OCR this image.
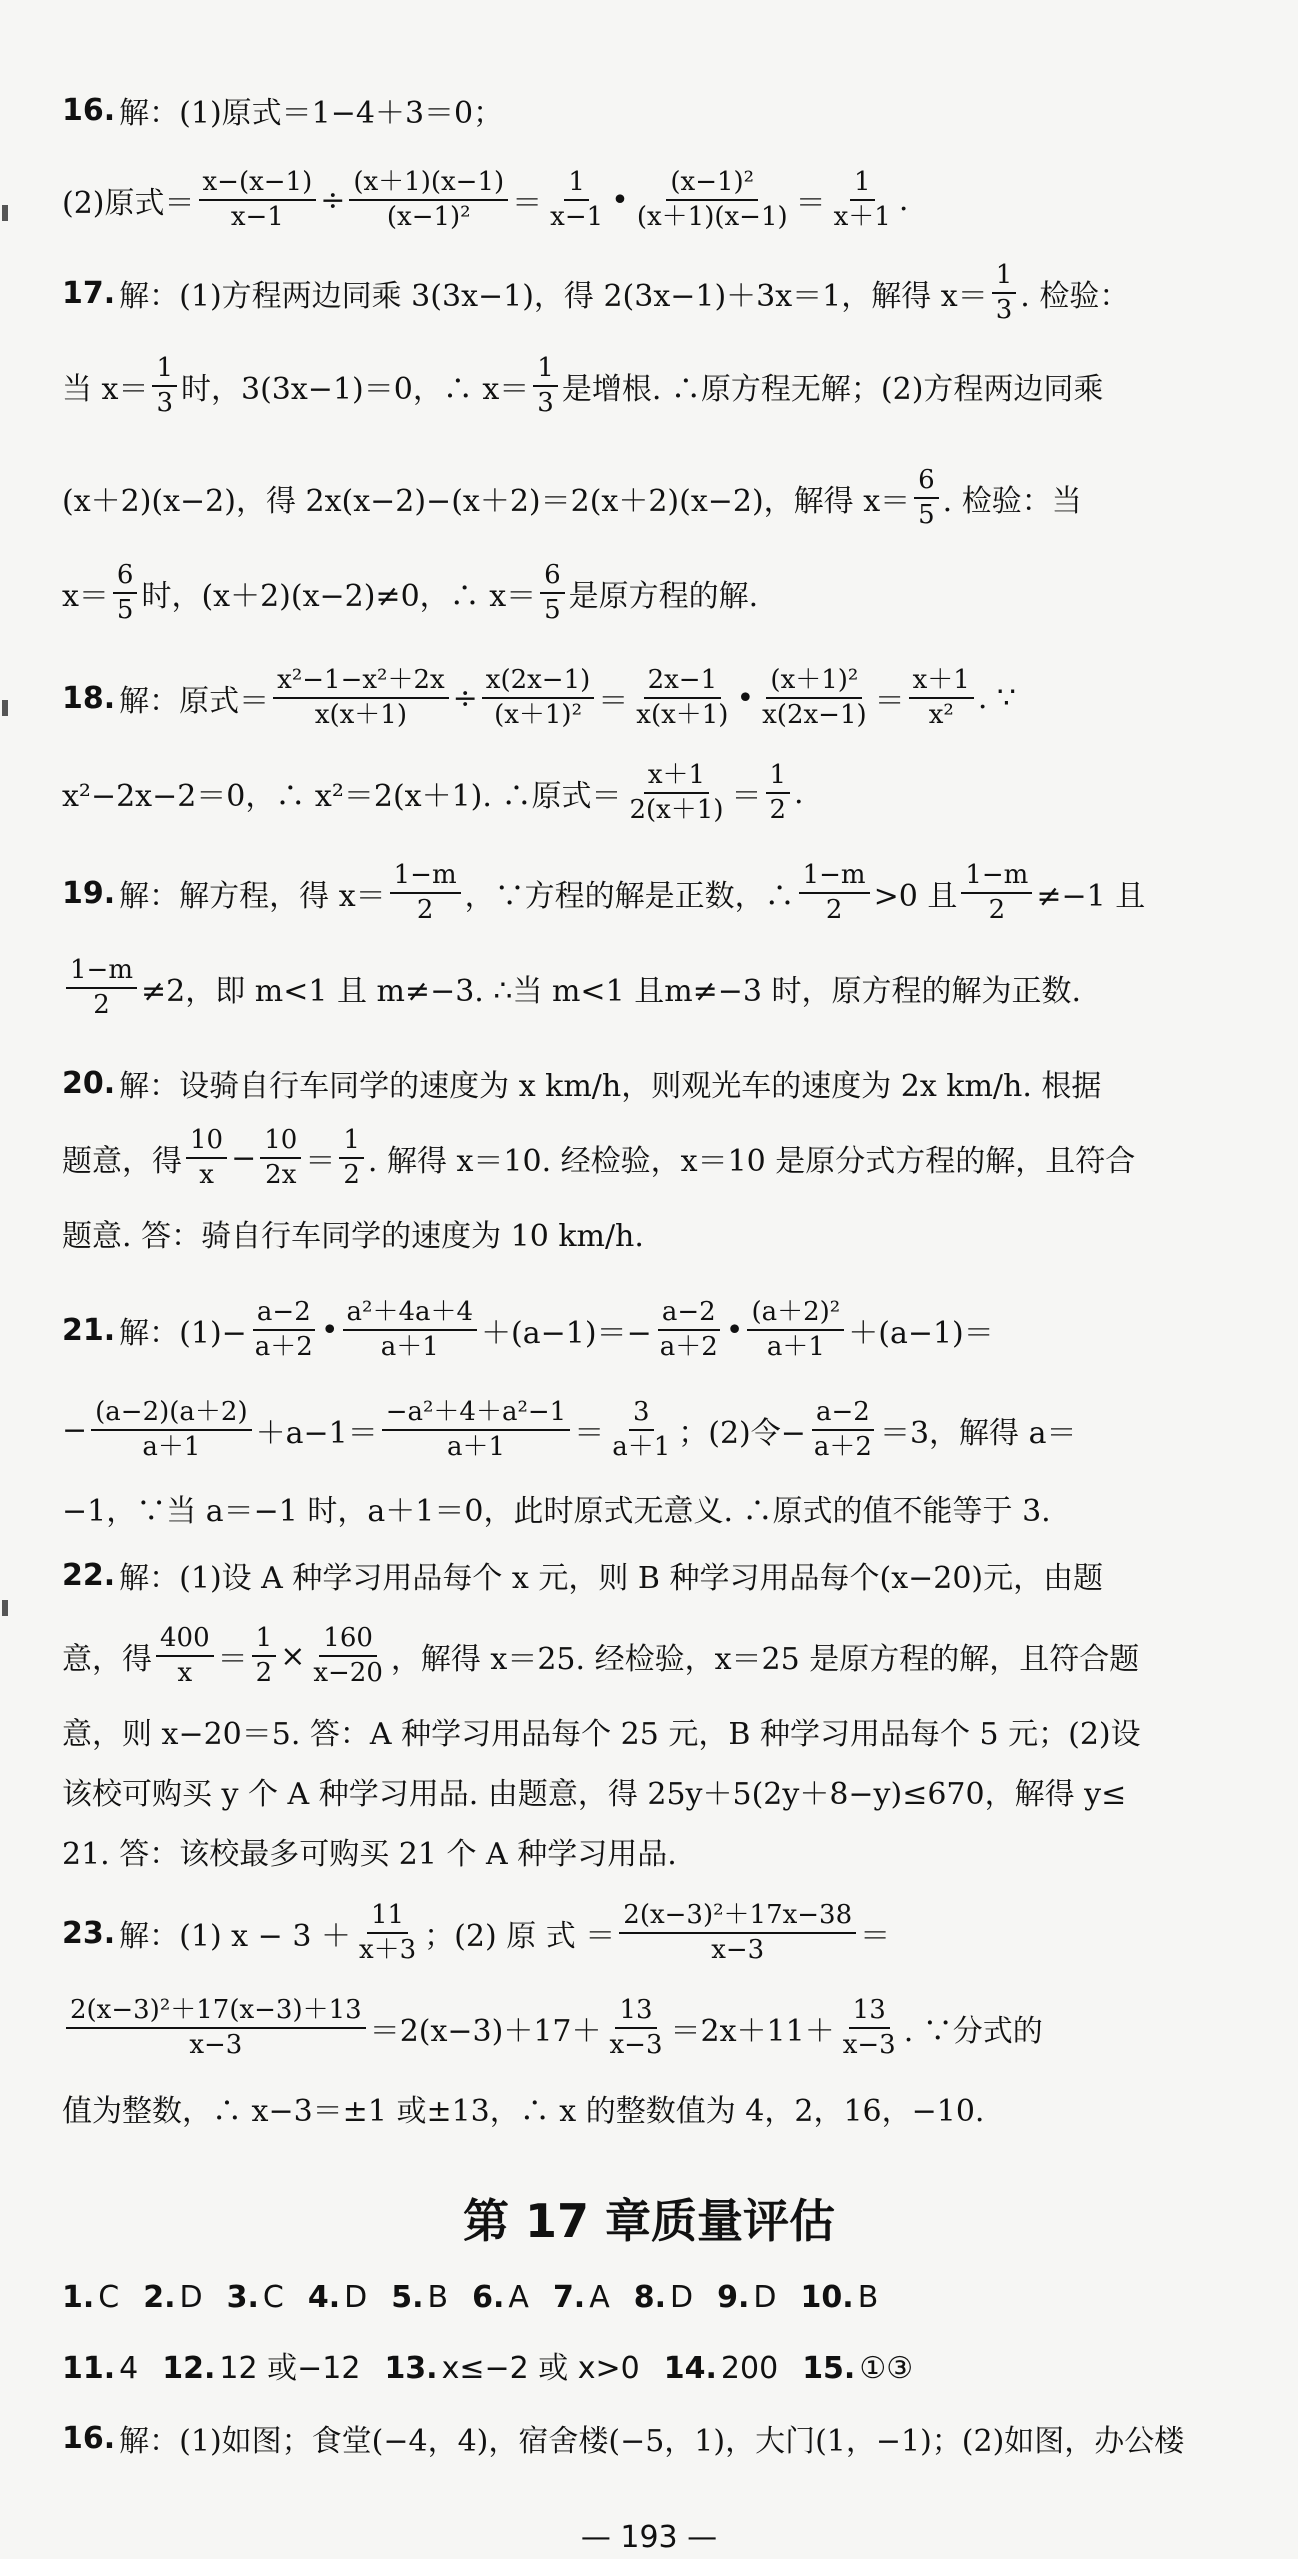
16. 解：(1)原式＝1−4＋3＝0；
(2)原式＝ $\frac{x-(x-1)}{x-1} \div \frac{(x+1)(x-1)}{\text{(x−1)²}} = \frac{1}{x-1}$ • $\frac{\text{(x−1)²}}{(x+1)(x-1)} = \frac{1}{x+1}$ .
17. 解：(1)方程两边同乘 3(3x−1)，得 2(3x−1)＋3x＝1，解得 $x= \frac{1}{3}$ . 检验：
当 $x= \frac{1}{3}$ 时，3(3x−1)＝0，∴ $x= \frac{1}{3}$ 是增根. ∴原方程无解；(2)方程两边同乘
(x＋2)(x−2)，得 2x(x−2)−(x＋2)＝2(x＋2)(x−2)，解得 $x= \frac{6}{5}$ . 检验：当
$x= \frac{6}{5}$ 时，(x＋2)(x−2)≠0，∴ $x= \frac{6}{5}$ 是原方程的解.
18. 解：原式＝ $\frac{\text{x²−1−x²＋2x}}{x(x+1)} \div \frac{x(2x-1)}{\text{(x＋1)²}} = \frac{2x-1}{x(x+1)}$ • $\frac{\text{(x＋1)²}}{x(2x-1)} = \frac{x+1}{\text{x²}}$ . ∵
x²−2x−2＝0，∴ x²＝2(x＋1). ∴原式＝ $\frac{x+1}{2(x+1)} = \frac{1}{2}$ .
19. 解：解方程，得 $x= \frac{1-m}{2}$ ，∵方程的解是正数，∴ $\frac{1-m}{2} >0$ 且 $\frac{1-m}{2} \ne-1$ 且
$\frac{1-m}{2} \ne 2$，即 m<1 且 m≠−3. ∴当 m<1 且m≠−3 时，原方程的解为正数.
20. 解：设骑自行车同学的速度为 x km/h，则观光车的速度为 2x km/h. 根据
题意，得 $\frac{10}{x} - \frac{10}{2x} = \frac{1}{2}$ . 解得 x＝10. 经检验，x＝10 是原分式方程的解，且符合
题意. 答：骑自行车同学的速度为 10 km/h.
21. 解：$(1)- \frac{a-2}{a+2}$ • $\frac{\text{a²＋4a＋4}}{a+1} +(a-1)=- \frac{a-2}{a+2}$ • $\frac{\text{(a＋2)²}}{a+1} +(a-1)=$
− $\frac{(a-2)(a+2)}{a+1} +a-1= \frac{\text{−a²＋4＋a²−1}}{a+1} = \frac{3}{a+1}$ ；(2)令− $\frac{a-2}{a+2} =3$，解得 a＝
−1，∵当 a＝−1 时，a＋1＝0，此时原式无意义. ∴原式的值不能等于 3.
22. 解：(1)设 A 种学习用品每个 x 元，则 B 种学习用品每个(x−20)元，由题
意，得 $\frac{400}{x} = \frac{1}{2} \times \frac{160}{x-20}$ ，解得 x＝25. 经检验，x＝25 是原方程的解，且符合题
意，则 x−20＝5. 答：A 种学习用品每个 25 元，B 种学习用品每个 5 元；(2)设
该校可购买 y 个 A 种学习用品. 由题意，得 25y＋5(2y＋8−y)≤670，解得 y≤
21. 答：该校最多可购买 21 个 A 种学习用品.
23. 解：(1) $x - 3 + \frac{11}{x+3}$ ；(2) 原 式 ＝ $\frac{\text{2(x−3)²＋17x−38}}{x-3}$ ＝
$\frac{\text{2(x−3)²＋17(x−3)＋13}}{x-3} =2(x-3)+17+ \frac{13}{x-3} =2x+11+ \frac{13}{x-3}$ . ∵分式的
值为整数，∴ x−3＝±1 或±13，∴ x 的整数值为 4，2，16，−10.
第 17 章质量评估
1. C 2. D 3. C 4. D 5. B 6. A 7. A 8. D 9. D 10. B
11. 4 12. 12 或−12 13. x≤−2 或 x>0 14. 200 15. ①③
16. 解：(1)如图；食堂(−4，4)，宿舍楼(−5，1)，大门(1，−1)；(2)如图，办公楼
— 193 —
